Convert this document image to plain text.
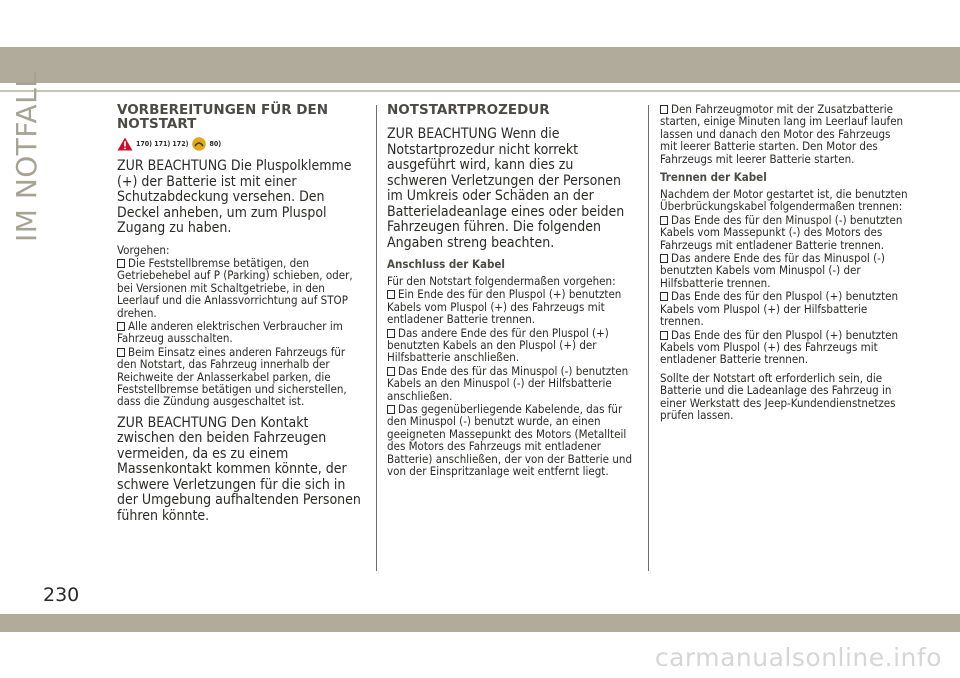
IM NOTFALL	VORBEREITUNGEN FÜR DEN NOTSTART
170) 171) 172)	80)

ZUR BEACHTUNG Die Pluspolklemme (+) der Batterie ist mit einer Schutzabdeckung versehen. Den Deckel anheben, um zum Pluspol Zugang zu haben.

Vorgehen:

Die Feststellbremse betätigen, den Getriebehebel auf P (Parking) schieben, oder, bei Versionen mit Schaltgetriebe, in den Leerlauf und die Anlassvorrichtung auf STOP drehen.

Alle anderen elektrischen Verbraucher im Fahrzeug ausschalten.

Beim Einsatz eines anderen Fahrzeugs für den Notstart, das Fahrzeug innerhalb der Reichweite der Anlasserkabel parken, die Feststellbremse betätigen und sicherstellen, dass die Zündung ausgeschaltet ist.

ZUR BEACHTUNG Den Kontakt zwischen den beiden Fahrzeugen vermeiden, da es zu einem Massenkontakt kommen könnte, der schwere Verletzungen für die sich in der Umgebung aufhaltenden Personen führen könnte.

NOTSTARTPROZEDUR

ZUR BEACHTUNG Wenn die Notstartprozedur nicht korrekt ausgeführt wird, kann dies zu schweren Verletzungen der Personen im Umkreis oder Schäden an der Batterieladeanlage eines oder beiden Fahrzeugen führen. Die folgenden Angaben streng beachten.

Anschluss der Kabel

Für den Notstart folgendermaßen vorgehen:

Ein Ende des für den Pluspol (+) benutzten Kabels vom Pluspol (+) des Fahrzeugs mit entladener Batterie trennen.

Das andere Ende des für den Pluspol (+) benutzten Kabels an den Pluspol (+) der Hilfsbatterie anschließen.

Das Ende des für das Minuspol (-) benutzten Kabels an den Minuspol (-) der Hilfsbatterie anschließen.

Das gegenüberliegende Kabelende, das für den Minuspol (-) benutzt wurde, an einen geeigneten Massepunkt des Motors (Metallteil des Motors des Fahrzeugs mit entladener Batterie) anschließen, der von der Batterie und von der Einspritzanlage weit entfernt liegt.

Den Fahrzeugmotor mit der Zusatzbatterie starten, einige Minuten lang im Leerlauf laufen lassen und danach den Motor des Fahrzeugs mit leerer Batterie starten. Den Motor des Fahrzeugs mit leerer Batterie starten.

Trennen der Kabel

Nachdem der Motor gestartet ist, die benutzten Überbrückungskabel folgendermaßen trennen:

Das Ende des für den Minuspol (-) benutzten Kabels vom Massepunkt (-) des Motors des Fahrzeugs mit entladener Batterie trennen.

Das andere Ende des für das Minuspol (-) benutzten Kabels vom Minuspol (-) der Hilfsbatterie trennen.

Das Ende des für den Pluspol (+) benutzten Kabels vom Pluspol (+) der Hilfsbatterie trennen.

Das Ende des für den Pluspol (+) benutzten Kabels vom Pluspol (+) des Fahrzeugs mit entladener Batterie trennen.

Sollte der Notstart oft erforderlich sein, die Batterie und die Ladeanlage des Fahrzeug in einer Werkstatt des Jeep-Kundendienstnetzes prüfen lassen.

230
carmanualsonline.info
